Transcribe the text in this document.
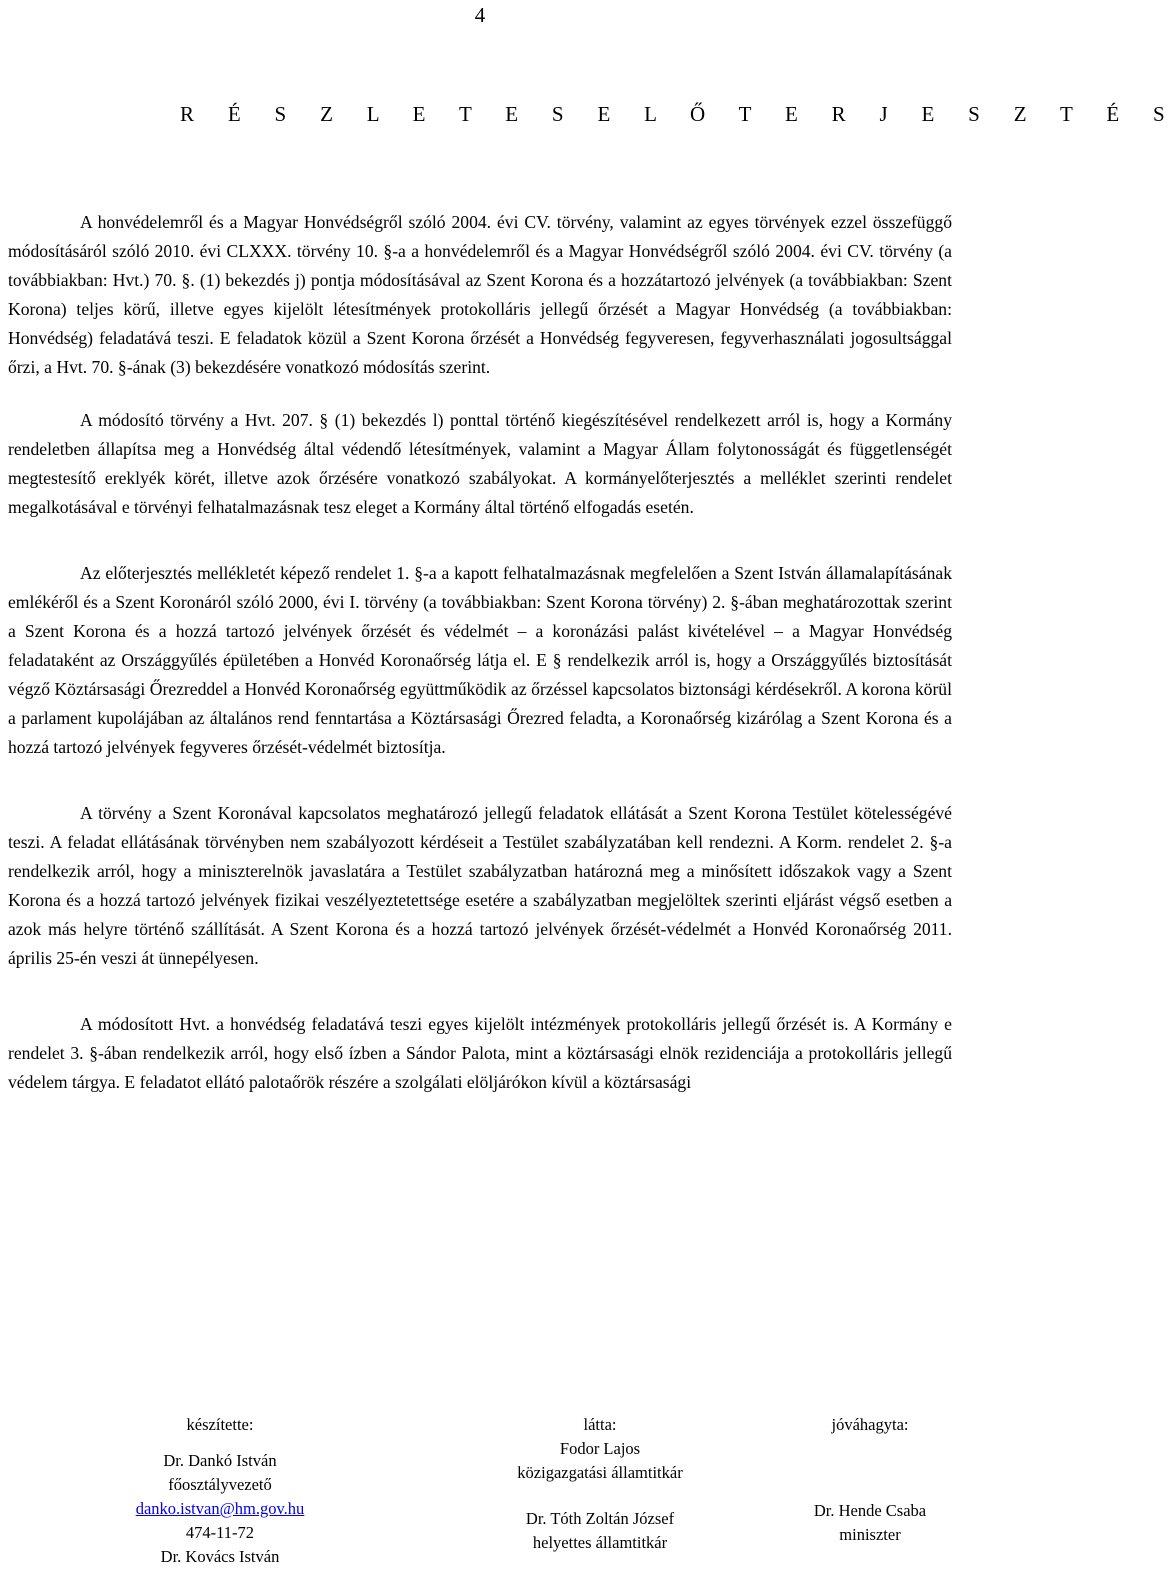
4
R É S Z L E T E S E L Ő T E R J E S Z T É S

A honvédelemről és a Magyar Honvédségről szóló 2004. évi CV. törvény, valamint az egyes törvények ezzel összefüggő módosításáról szóló 2010. évi CLXXX. törvény 10. §-a a honvédelemről és a Magyar Honvédségről szóló 2004. évi CV. törvény (a továbbiakban: Hvt.) 70. §. (1) bekezdés j) pontja módosításával az Szent Korona és a hozzátartozó jelvények (a továbbiakban: Szent Korona) teljes körű, illetve egyes kijelölt létesítmények protokolláris jellegű őrzését a Magyar Honvédség (a továbbiakban: Honvédség) feladatává teszi. E feladatok közül a Szent Korona őrzését a Honvédség fegyveresen, fegyverhasználati jogosultsággal őrzi, a Hvt. 70. §-ának (3) bekezdésére vonatkozó módosítás szerint.

A módosító törvény a Hvt. 207. § (1) bekezdés l) ponttal történő kiegészítésével rendelkezett arról is, hogy a Kormány rendeletben állapítsa meg a Honvédség által védendő létesítmények, valamint a Magyar Állam folytonosságát és függetlenségét megtestesítő ereklyék körét, illetve azok őrzésére vonatkozó szabályokat. A kormányelőterjesztés a melléklet szerinti rendelet megalkotásával e törvényi felhatalmazásnak tesz eleget a Kormány által történő elfogadás esetén.

Az előterjesztés mellékletét képező rendelet 1. §-a a kapott felhatalmazásnak megfelelően a Szent István államalapításának emlékéről és a Szent Koronáról szóló 2000, évi I. törvény (a továbbiakban: Szent Korona törvény) 2. §-ában meghatározottak szerint a Szent Korona és a hozzá tartozó jelvények őrzését és védelmét – a koronázási palást kivételével – a Magyar Honvédség feladataként az Országgyűlés épületében a Honvéd Koronaőrség látja el. E § rendelkezik arról is, hogy a Országgyűlés biztosítását végző Köztársasági Őrezreddel a Honvéd Koronaőrség együttműködik az őrzéssel kapcsolatos biztonsági kérdésekről. A korona körül a parlament kupolájában az általános rend fenntartása a Köztársasági Őrezred feladta, a Koronaőrség kizárólag a Szent Korona és a hozzá tartozó jelvények fegyveres őrzését-védelmét biztosítja.

A törvény a Szent Koronával kapcsolatos meghatározó jellegű feladatok ellátását a Szent Korona Testület kötelességévé teszi. A feladat ellátásának törvényben nem szabályozott kérdéseit a Testület szabályzatában kell rendezni. A Korm. rendelet 2. §-a rendelkezik arról, hogy a miniszterelnök javaslatára a Testület szabályzatban határozná meg a minősített időszakok vagy a Szent Korona és a hozzá tartozó jelvények fizikai veszélyeztetettsége esetére a szabályzatban megjelöltek szerinti eljárást végső esetben a azok más helyre történő szállítását. A Szent Korona és a hozzá tartozó jelvények őrzését-védelmét a Honvéd Koronaőrség 2011. április 25-én veszi át ünnepélyesen.

A módosított Hvt. a honvédség feladatává teszi egyes kijelölt intézmények protokolláris jellegű őrzését is. A Kormány e rendelet 3. §-ában rendelkezik arról, hogy első ízben a Sándor Palota, mint a köztársasági elnök rezidenciája a protokolláris jellegű védelem tárgya. E feladatot ellátó palotaőrök részére a szolgálati elöljárókon kívül a köztársasági

készítette:
Dr. Dankó István
főosztályvezető
danko.istvan@hm.gov.hu
474-11-72
Dr. Kovács István
látta:
Fodor Lajos
közigazgatási államtitkár
Dr. Tóth Zoltán József
helyettes államtitkár
jóváhagyta:
Dr. Hende Csaba
miniszter
